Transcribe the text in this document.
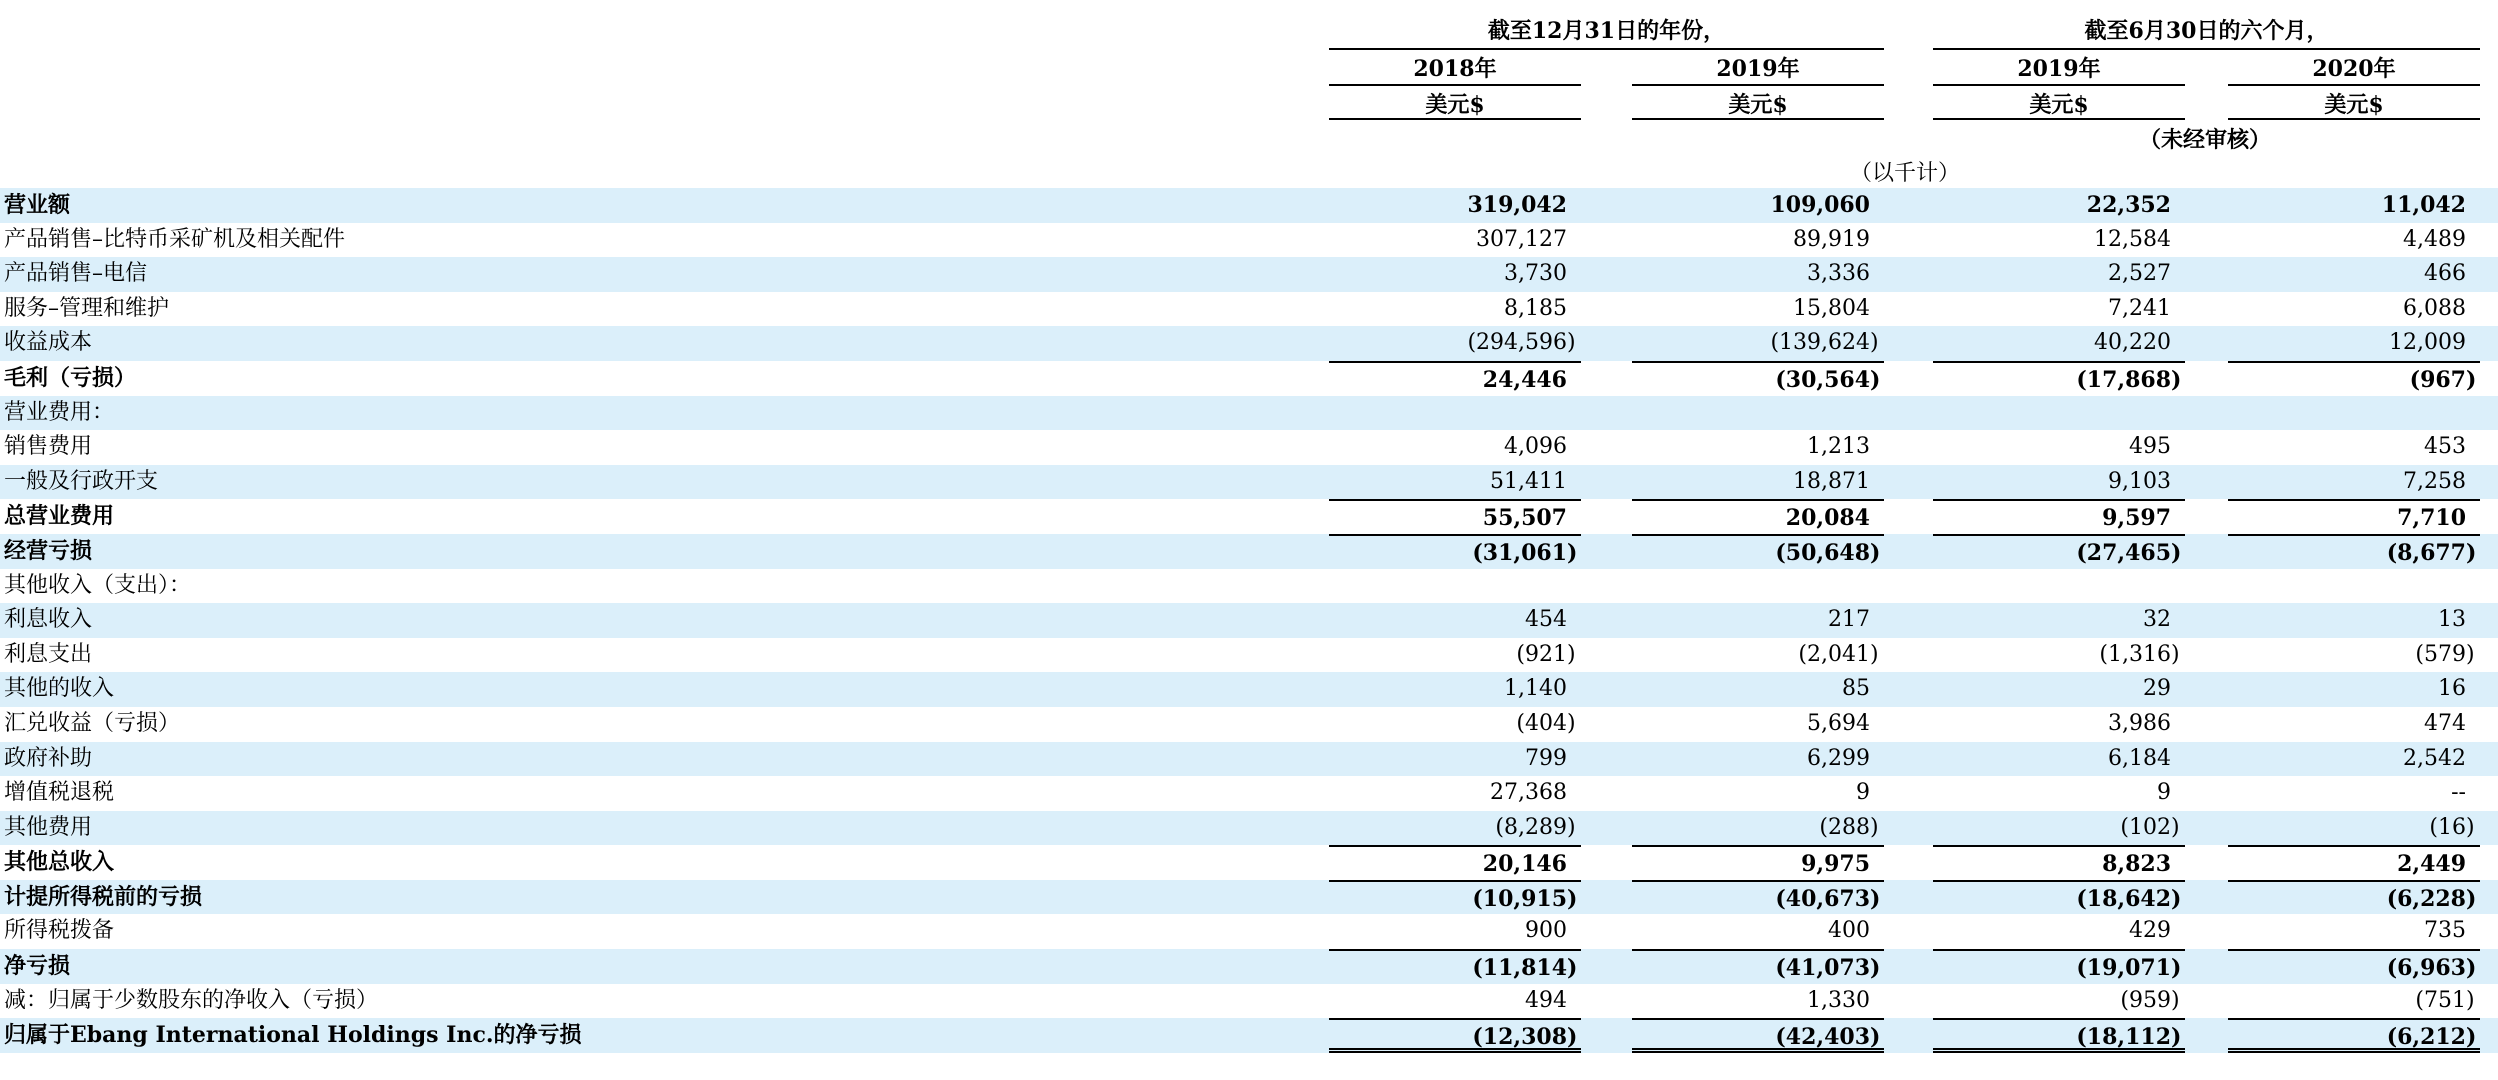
截至12月31日的年份，	截至6月30日的六个月，
2018年	2019年	2019年	2020年
美元$	美元$	美元$	美元$
（未经审核）
（以千计）
营业额	319,042	109,060	22,352	11,042
产品销售–比特币采矿机及相关配件	307,127	89,919	12,584	4,489
产品销售–电信	3,730	3,336	2,527	466
服务–管理和维护	8,185	15,804	7,241	6,088
收益成本	(294,596)	(139,624)	40,220	12,009
毛利（亏损）	24,446	(30,564)	(17,868)	(967)
营业费用：
销售费用	4,096	1,213	495	453
一般及行政开支	51,411	18,871	9,103	7,258
总营业费用	55,507	20,084	9,597	7,710
经营亏损	(31,061)	(50,648)	(27,465)	(8,677)
其他收入（支出）：
利息收入	454	217	32	13
利息支出	(921)	(2,041)	(1,316)	(579)
其他的收入	1,140	85	29	16
汇兑收益（亏损）	(404)	5,694	3,986	474
政府补助	799	6,299	6,184	2,542
增值税退税	27,368	9	9	--
其他费用	(8,289)	(288)	(102)	(16)
其他总收入	20,146	9,975	8,823	2,449
计提所得税前的亏损	(10,915)	(40,673)	(18,642)	(6,228)
所得税拨备	900	400	429	735
净亏损	(11,814)	(41,073)	(19,071)	(6,963)
减：归属于少数股东的净收入（亏损）	494	1,330	(959)	(751)
归属于Ebang International Holdings Inc.的净亏损	(12,308)	(42,403)	(18,112)	(6,212)
